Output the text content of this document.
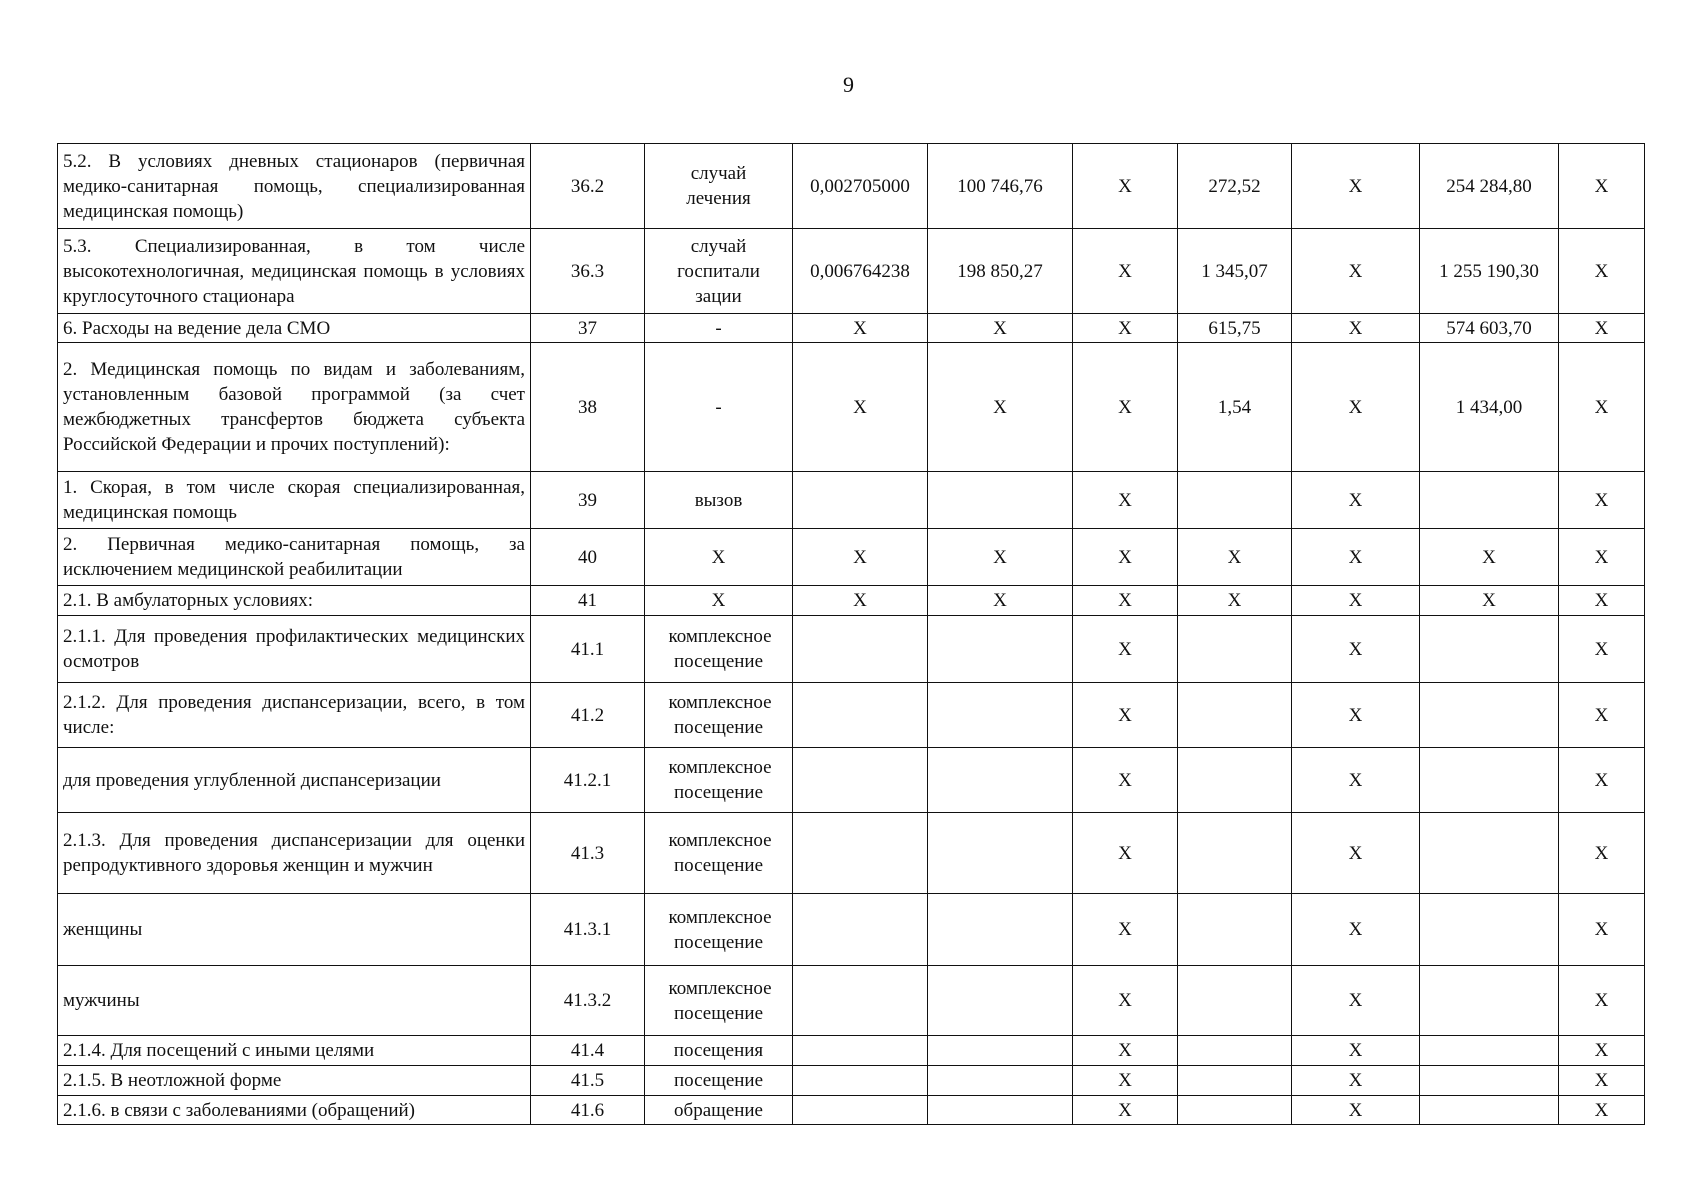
9
5.2. В условиях дневных стационаров (первичная медико-санитарная помощь, специализированная медицинская помощь)	36.2	случай лечения	0,002705000	100 746,76	X	272,52	X	254 284,80	X

5.3. Специализированная, в том числе высокотехнологичная, медицинская помощь в условиях круглосуточного стационара	36.3	случай госпитали зации	0,006764238	198 850,27	X	1 345,07	X	1 255 190,30	X

6. Расходы на ведение дела СМО	37	-	X	X	X	615,75	X	574 603,70	X

2. Медицинская помощь по видам и заболеваниям, установленным базовой программой (за счет межбюджетных трансфертов бюджета субъекта Российской Федерации и прочих поступлений):	38	-	X	X	X	1,54	X	1 434,00	X

1. Скорая, в том числе скорая специализированная, медицинская помощь	39	вызов			X		X		X

2. Первичная медико-санитарная помощь, за исключением медицинской реабилитации	40	X	X	X	X	X	X	X	X

2.1. В амбулаторных условиях:	41	X	X	X	X	X	X	X	X

2.1.1. Для проведения профилактических медицинских осмотров	41.1	комплексное посещение			X		X		X

2.1.2. Для проведения диспансеризации, всего, в том числе:	41.2	комплексное посещение			X		X		X

для проведения углубленной диспансеризации	41.2.1	комплексное посещение			X		X		X

2.1.3. Для проведения диспансеризации для оценки репродуктивного здоровья женщин и мужчин	41.3	комплексное посещение			X		X		X

женщины	41.3.1	комплексное посещение			X		X		X

мужчины	41.3.2	комплексное посещение			X		X		X

2.1.4. Для посещений с иными целями	41.4	посещения			X		X		X

2.1.5. В неотложной форме	41.5	посещение			X		X		X

2.1.6. в связи с заболеваниями (обращений)	41.6	обращение			X		X		X
